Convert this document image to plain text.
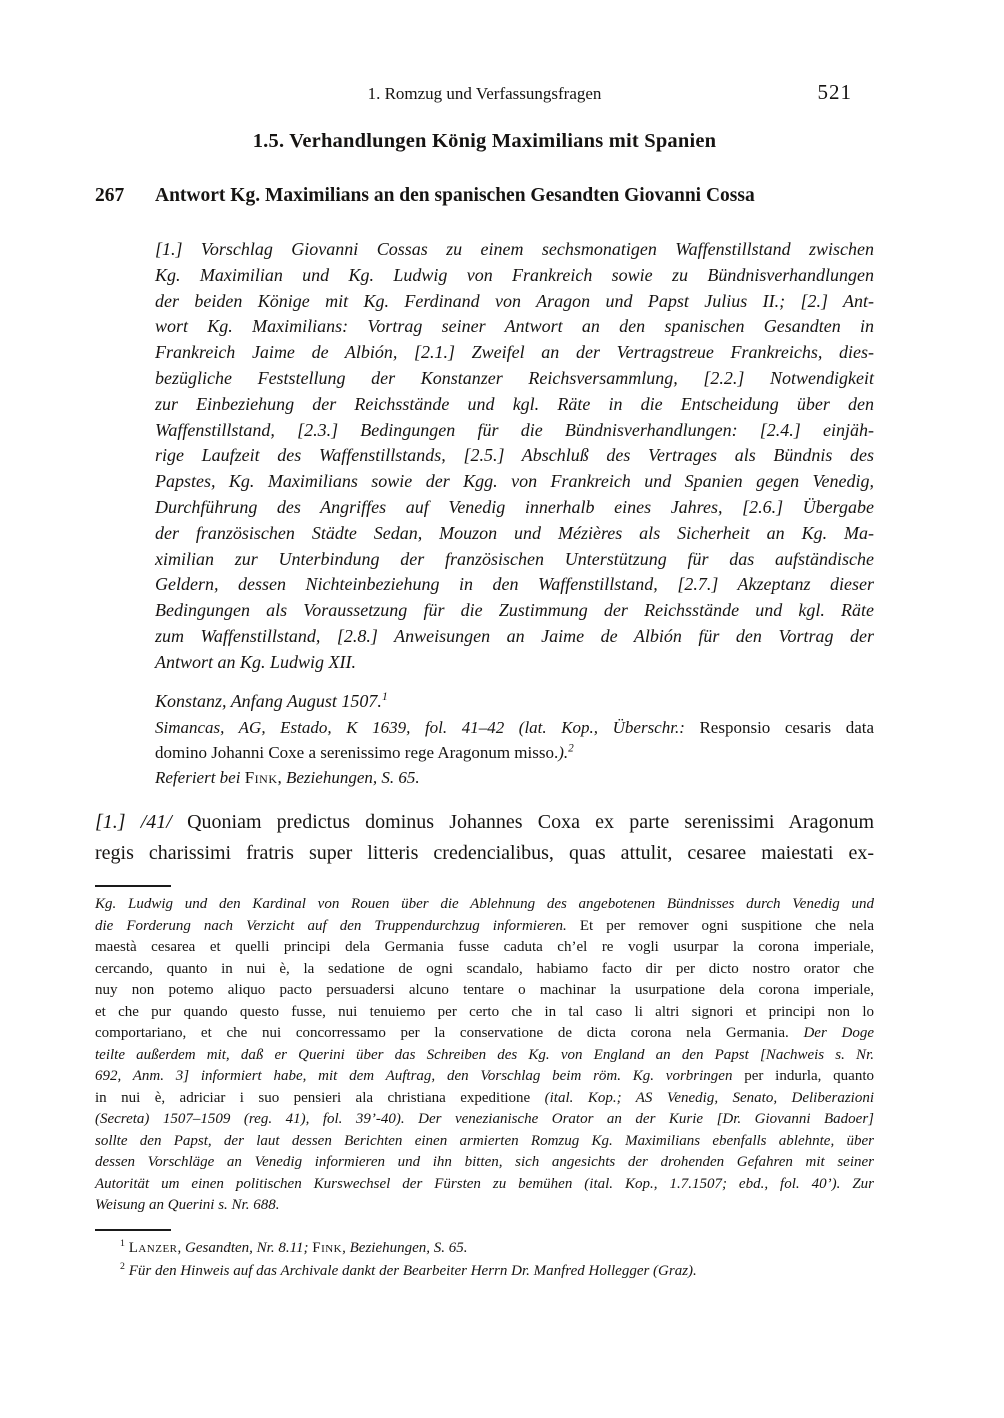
1. Romzug und Verfassungsfragen	521
1.5. Verhandlungen König Maximilians mit Spanien
267	Antwort Kg. Maximilians an den spanischen Gesandten Giovanni Cossa
[1.] Vorschlag Giovanni Cossas zu einem sechsmonatigen Waffenstillstand zwischen
Kg. Maximilian und Kg. Ludwig von Frankreich sowie zu Bündnisverhandlungen
der beiden Könige mit Kg. Ferdinand von Aragon und Papst Julius II.; [2.] Ant-
wort Kg. Maximilians: Vortrag seiner Antwort an den spanischen Gesandten in
Frankreich Jaime de Albión, [2.1.] Zweifel an der Vertragstreue Frankreichs, dies-
bezügliche Feststellung der Konstanzer Reichsversammlung, [2.2.] Notwendigkeit
zur Einbeziehung der Reichsstände und kgl. Räte in die Entscheidung über den
Waffenstillstand, [2.3.] Bedingungen für die Bündnisverhandlungen: [2.4.] einjäh-
rige Laufzeit des Waffenstillstands, [2.5.] Abschluß des Vertrages als Bündnis des
Papstes, Kg. Maximilians sowie der Kgg. von Frankreich und Spanien gegen Venedig,
Durchführung des Angriffes auf Venedig innerhalb eines Jahres, [2.6.] Übergabe
der französischen Städte Sedan, Mouzon und Mézières als Sicherheit an Kg. Ma-
ximilian zur Unterbindung der französischen Unterstützung für das aufständische
Geldern, dessen Nichteinbeziehung in den Waffenstillstand, [2.7.] Akzeptanz dieser
Bedingungen als Voraussetzung für die Zustimmung der Reichsstände und kgl. Räte
zum Waffenstillstand, [2.8.] Anweisungen an Jaime de Albión für den Vortrag der
Antwort an Kg. Ludwig XII.
Konstanz, Anfang August 1507.$^1$
Simancas, AG, Estado, K 1639, fol. 41–42 (lat. Kop., Überschr.: Responsio cesaris data
domino Johanni Coxe a serenissimo rege Aragonum misso.).$^2$
Referiert bei Fink, Beziehungen, S. 65.
[1.] /41/ Quoniam predictus dominus Johannes Coxa ex parte serenissimi Aragonum
regis charissimi fratris super litteris credencialibus, quas attulit, cesaree maiestati ex-
Kg. Ludwig und den Kardinal von Rouen über die Ablehnung des angebotenen Bündnisses durch Venedig und
die Forderung nach Verzicht auf den Truppendurchzug informieren. Et per remover ogni suspitione che nela
maestà cesarea et quelli principi dela Germania fusse caduta ch’el re vogli usurpar la corona imperiale,
cercando, quanto in nui è, la sedatione de ogni scandalo, habiamo facto dir per dicto nostro orator che
nuy non potemo aliquo pacto persuadersi alcuno tentare o machinar la usurpatione dela corona imperiale,
et che pur quando questo fusse, nui tenuiemo per certo che in tal caso li altri signori et principi non lo
comportariano, et che nui concorressamo per la conservatione de dicta corona nela Germania. Der Doge
teilte außerdem mit, daß er Querini über das Schreiben des Kg. von England an den Papst [Nachweis s. Nr.
692, Anm. 3] informiert habe, mit dem Auftrag, den Vorschlag beim röm. Kg. vorbringen per indurla, quanto
in nui è, adriciar i suo pensieri ala christiana expeditione (ital. Kop.; AS Venedig, Senato, Deliberazioni
(Secreta) 1507–1509 (reg. 41), fol. 39’-40). Der venezianische Orator an der Kurie [Dr. Giovanni Badoer]
sollte den Papst, der laut dessen Berichten einen armierten Romzug Kg. Maximilians ebenfalls ablehnte, über
dessen Vorschläge an Venedig informieren und ihn bitten, sich angesichts der drohenden Gefahren mit seiner
Autorität um einen politischen Kurswechsel der Fürsten zu bemühen (ital. Kop., 1.7.1507; ebd., fol. 40’). Zur
Weisung an Querini s. Nr. 688.
$^1$ Lanzer, Gesandten, Nr. 8.11; Fink, Beziehungen, S. 65.
$^2$ Für den Hinweis auf das Archivale dankt der Bearbeiter Herrn Dr. Manfred Hollegger (Graz).
